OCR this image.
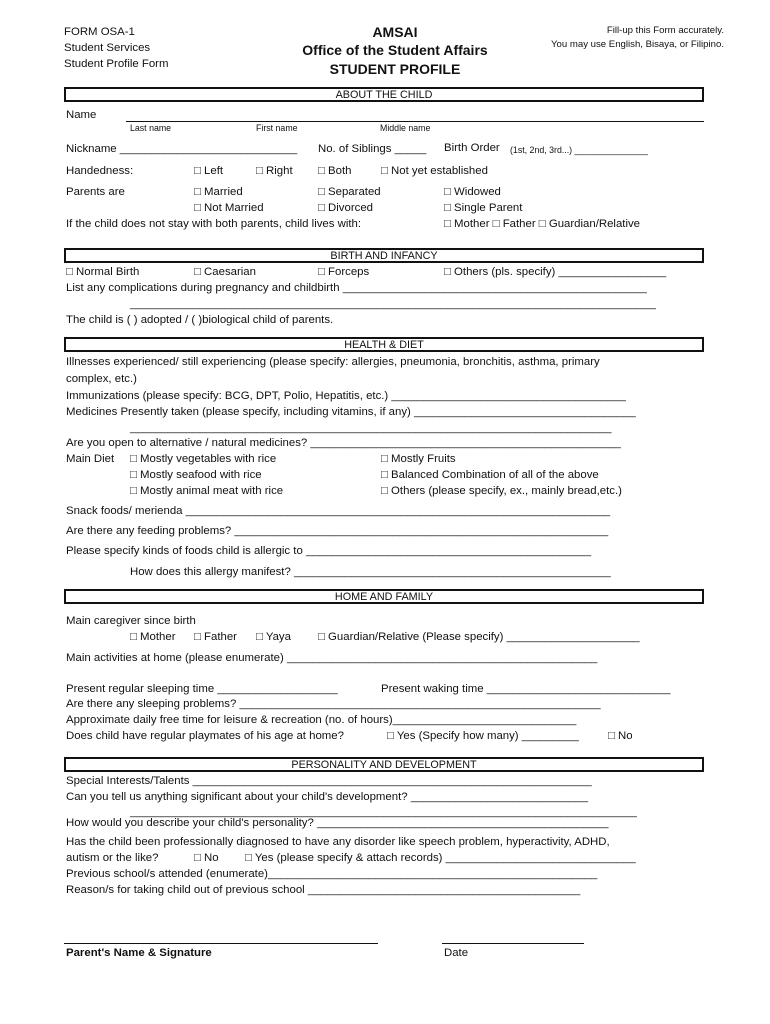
FORM OSA-1
Student Services
Student Profile Form
AMSAI
Office of the Student Affairs
STUDENT PROFILE
Fill-up this Form accurately.
You may use English, Bisaya, or Filipino.
ABOUT THE CHILD
Name
Last name	First name	Middle name
Nickname ____________________________ No. of Siblings _____ Birth Order (1st, 2nd, 3rd...) _______________
Handedness:	□ Left	□ Right □ Both	□ Not yet established
Parents are	□ Married	□ Separated	□ Widowed
□ Not Married	□ Divorced	□ Single Parent
If the child does not stay with both parents, child lives with:	□ Mother □ Father □ Guardian/Relative
BIRTH AND INFANCY
□ Normal Birth	□ Caesarian	□ Forceps	□ Others (pls. specify) _________________
List any complications during pregnancy and childbirth ________________________________________________
___________________________________________________________________________________
The child is ( ) adopted / ( )biological child of parents.
HEALTH & DIET
Illnesses experienced/ still experiencing (please specify: allergies, pneumonia, bronchitis, asthma, primary
complex, etc.)
Immunizations (please specify: BCG, DPT, Polio, Hepatitis, etc.) _____________________________________
Medicines Presently taken (please specify, including vitamins, if any) ___________________________________
____________________________________________________________________________
Are you open to alternative / natural medicines? _________________________________________________
Main Diet □ Mostly vegetables with rice	□ Mostly Fruits
□ Mostly seafood with rice	□ Balanced Combination of all of the above
□ Mostly animal meat with rice	□ Others (please specify, ex., mainly bread,etc.)
Snack foods/ merienda ___________________________________________________________________
Are there any feeding problems? ___________________________________________________________
Please specify kinds of foods child is allergic to _____________________________________________
How does this allergy manifest? __________________________________________________
HOME AND FAMILY
Main caregiver since birth
□ Mother □ Father □ Yaya □ Guardian/Relative (Please specify) _____________________
Main activities at home (please enumerate) _________________________________________________
Present regular sleeping time ___________________	Present waking time _____________________________
Are there any sleeping problems? _________________________________________________________
Approximate daily free time for leisure & recreation (no. of hours)_____________________________
Does child have regular playmates of his age at home?	□ Yes (Specify how many) _________	□ No
PERSONALITY AND DEVELOPMENT
Special Interests/Talents _______________________________________________________________
Can you tell us anything significant about your child's development? ____________________________
________________________________________________________________________________
How would you describe your child's personality? ______________________________________________
Has the child been professionally diagnosed to have any disorder like speech problem, hyperactivity, ADHD,
autism or the like?	□ No □ Yes (please specify & attach records) ______________________________
Previous school/s attended (enumerate)____________________________________________________
Reason/s for taking child out of previous school ___________________________________________
Parent's Name & Signature	Date
